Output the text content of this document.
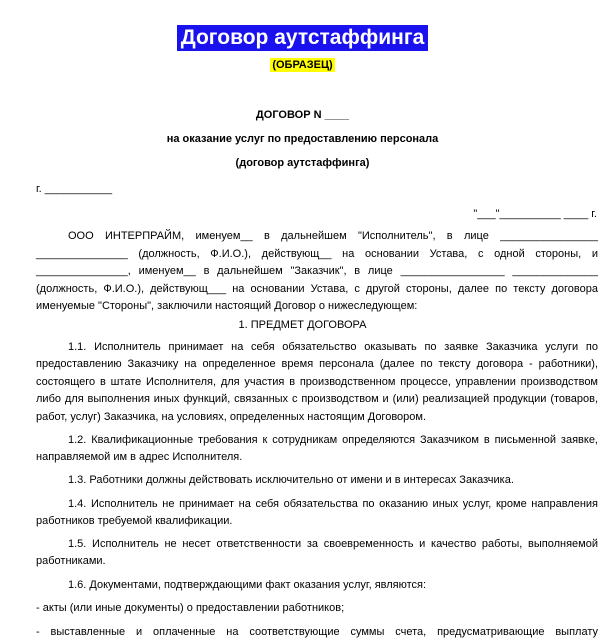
Договор аутстаффинга
(ОБРАЗЕЦ)
ДОГОВОР N ____
на оказание услуг по предоставлению персонала
(договор аутстаффинга)
г. ___________
"___"__________ ____ г.
ООО ИНТЕРПРАЙМ, именуем__ в дальнейшем "Исполнитель", в лице ________________
_______________ (должность, Ф.И.О.), действующ__ на основании Устава, с одной стороны, и
_______________, именуем__ в дальнейшем "Заказчик", в лице _________________ ______________
(должность, Ф.И.О.), действующ___ на основании Устава, с другой стороны, далее по тексту договора
именуемые "Стороны", заключили настоящий Договор о нижеследующем:
1. ПРЕДМЕТ ДОГОВОРА
1.1. Исполнитель принимает на себя обязательство оказывать по заявке Заказчика услуги по
предоставлению Заказчику на определенное время персонала (далее по тексту договора - работники),
состоящего в штате Исполнителя, для участия в производственном процессе, управлении производством
либо для выполнения иных функций, связанных с производством и (или) реализацией продукции (товаров,
работ, услуг) Заказчика, на условиях, определенных настоящим Договором.
1.2. Квалификационные требования к сотрудникам определяются Заказчиком в письменной заявке,
направляемой им в адрес Исполнителя.
1.3. Работники должны действовать исключительно от имени и в интересах Заказчика.
1.4. Исполнитель не принимает на себя обязательства по оказанию иных услуг, кроме направления
работников требуемой квалификации.
1.5. Исполнитель не несет ответственности за своевременность и качество работы, выполняемой
работниками.
1.6. Документами, подтверждающими факт оказания услуг, являются:
- акты (или иные документы) о предоставлении работников;
- выставленные и оплаченные на соответствующие суммы счета, предусматривающие выплату
